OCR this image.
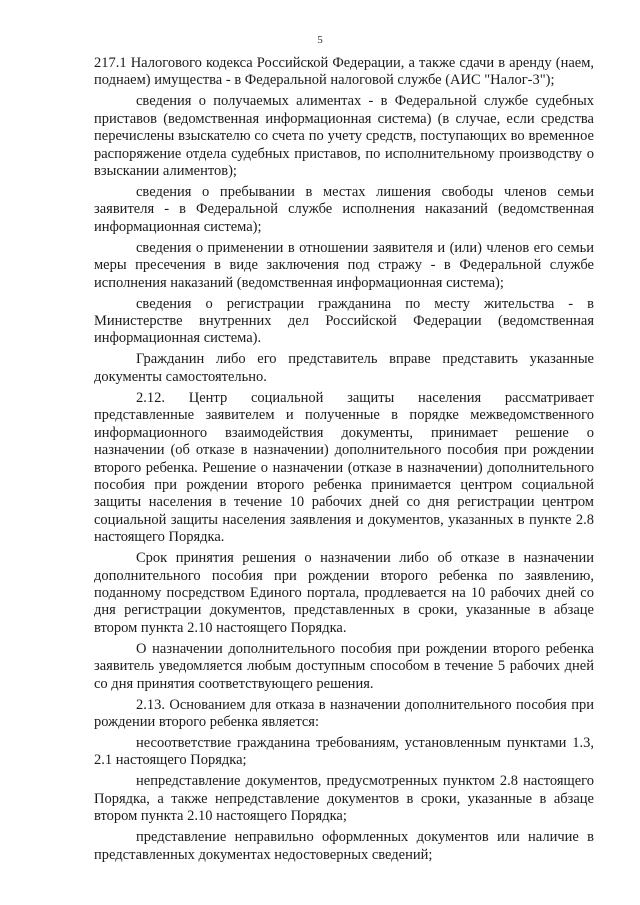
5

217.1 Налогового кодекса Российской Федерации, а также сдачи в аренду (наем, поднаем) имущества - в Федеральной налоговой службе (АИС "Налог-3");

сведения о получаемых алиментах - в Федеральной службе судебных приставов (ведомственная информационная система) (в случае, если средства перечислены взыскателю со счета по учету средств, поступающих во временное распоряжение отдела судебных приставов, по исполнительному производству о взыскании алиментов);

сведения о пребывании в местах лишения свободы членов семьи заявителя - в Федеральной службе исполнения наказаний (ведомственная информационная система);

сведения о применении в отношении заявителя и (или) членов его семьи меры пресечения в виде заключения под стражу - в Федеральной службе исполнения наказаний (ведомственная информационная система);

сведения о регистрации гражданина по месту жительства - в Министерстве внутренних дел Российской Федерации (ведомственная информационная система).

Гражданин либо его представитель вправе представить указанные документы самостоятельно.

2.12. Центр социальной защиты населения рассматривает представленные заявителем и полученные в порядке межведомственного информационного взаимодействия документы, принимает решение о назначении (об отказе в назначении) дополнительного пособия при рождении второго ребенка. Решение о назначении (отказе в назначении) дополнительного пособия при рождении второго ребенка принимается центром социальной защиты населения в течение 10 рабочих дней со дня регистрации центром социальной защиты населения заявления и документов, указанных в пункте 2.8 настоящего Порядка.

Срок принятия решения о назначении либо об отказе в назначении дополнительного пособия при рождении второго ребенка по заявлению, поданному посредством Единого портала, продлевается на 10 рабочих дней со дня регистрации документов, представленных в сроки, указанные в абзаце втором пункта 2.10 настоящего Порядка.

О назначении дополнительного пособия при рождении второго ребенка заявитель уведомляется любым доступным способом в течение 5 рабочих дней со дня принятия соответствующего решения.

2.13. Основанием для отказа в назначении дополнительного пособия при рождении второго ребенка является:

несоответствие гражданина требованиям, установленным пунктами 1.3, 2.1 настоящего Порядка;

непредставление документов, предусмотренных пунктом 2.8 настоящего Порядка, а также непредставление документов в сроки, указанные в абзаце втором пункта 2.10 настоящего Порядка;

представление неправильно оформленных документов или наличие в представленных документах недостоверных сведений;
